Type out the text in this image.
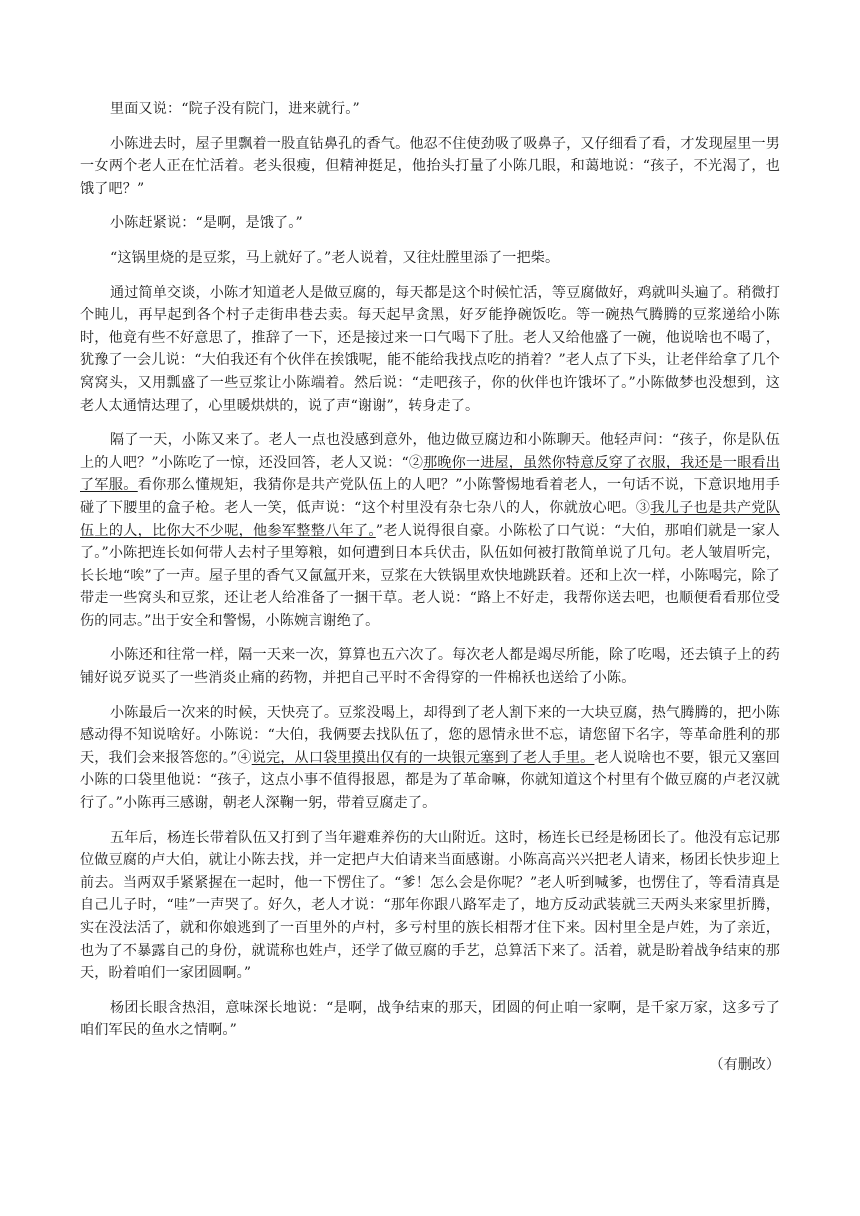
里面又说：“院子没有院门，进来就行。”

小陈进去时，屋子里飘着一股直钻鼻孔的香气。他忍不住使劲吸了吸鼻子，又仔细看了看，才发现屋里一男一女两个老人正在忙活着。老头很瘦，但精神挺足，他抬头打量了小陈几眼，和蔼地说：“孩子，不光渴了，也饿了吧？”

小陈赶紧说：“是啊，是饿了。”

“这锅里烧的是豆浆，马上就好了。”老人说着，又往灶膛里添了一把柴。

通过简单交谈，小陈才知道老人是做豆腐的，每天都是这个时候忙活，等豆腐做好，鸡就叫头遍了。稍微打个盹儿，再早起到各个村子走街串巷去卖。每天起早贪黑，好歹能挣碗饭吃。等一碗热气腾腾的豆浆递给小陈时，他竟有些不好意思了，推辞了一下，还是接过来一口气喝下了肚。老人又给他盛了一碗，他说啥也不喝了，犹豫了一会儿说：“大伯我还有个伙伴在挨饿呢，能不能给我找点吃的捎着？”老人点了下头，让老伴给拿了几个窝窝头，又用瓢盛了一些豆浆让小陈端着。然后说：“走吧孩子，你的伙伴也许饿坏了。”小陈做梦也没想到，这老人太通情达理了，心里暖烘烘的，说了声“谢谢”，转身走了。

隔了一天，小陈又来了。老人一点也没感到意外，他边做豆腐边和小陈聊天。他轻声问：“孩子，你是队伍上的人吧？”小陈吃了一惊，还没回答，老人又说：“②那晚你一进屋，虽然你特意反穿了衣服，我还是一眼看出了军服。看你那么懂规矩，我猜你是共产党队伍上的人吧？”小陈警惕地看着老人，一句话不说，下意识地用手碰了下腰里的盒子枪。老人一笑，低声说：“这个村里没有杂七杂八的人，你就放心吧。③我儿子也是共产党队伍上的人，比你大不少呢，他参军整整八年了。”老人说得很自豪。小陈松了口气说：“大伯，那咱们就是一家人了。”小陈把连长如何带人去村子里筹粮，如何遭到日本兵伏击，队伍如何被打散简单说了几句。老人皱眉听完，长长地“唉”了一声。屋子里的香气又氤氲开来，豆浆在大铁锅里欢快地跳跃着。还和上次一样，小陈喝完，除了带走一些窝头和豆浆，还让老人给准备了一捆干草。老人说：“路上不好走，我帮你送去吧，也顺便看看那位受伤的同志。”出于安全和警惕，小陈婉言谢绝了。

小陈还和往常一样，隔一天来一次，算算也五六次了。每次老人都是竭尽所能，除了吃喝，还去镇子上的药铺好说歹说买了一些消炎止痛的药物，并把自己平时不舍得穿的一件棉袄也送给了小陈。

小陈最后一次来的时候，天快亮了。豆浆没喝上，却得到了老人割下来的一大块豆腐，热气腾腾的，把小陈感动得不知说啥好。小陈说：“大伯，我俩要去找队伍了，您的恩情永世不忘，请您留下名字，等革命胜利的那天，我们会来报答您的。”④说完，从口袋里摸出仅有的一块银元塞到了老人手里。老人说啥也不要，银元又塞回小陈的口袋里他说：“孩子，这点小事不值得报恩，都是为了革命嘛，你就知道这个村里有个做豆腐的卢老汉就行了。”小陈再三感谢，朝老人深鞠一躬，带着豆腐走了。

五年后，杨连长带着队伍又打到了当年避难养伤的大山附近。这时，杨连长已经是杨团长了。他没有忘记那位做豆腐的卢大伯，就让小陈去找，并一定把卢大伯请来当面感谢。小陈高高兴兴把老人请来，杨团长快步迎上前去。当两双手紧紧握在一起时，他一下愣住了。“爹！怎么会是你呢？”老人听到喊爹，也愣住了，等看清真是自己儿子时，“哇”一声哭了。好久，老人才说：“那年你跟八路军走了，地方反动武装就三天两头来家里折腾，实在没法活了，就和你娘逃到了一百里外的卢村，多亏村里的族长相帮才住下来。因村里全是卢姓，为了亲近，也为了不暴露自己的身份，就谎称也姓卢，还学了做豆腐的手艺，总算活下来了。活着，就是盼着战争结束的那天，盼着咱们一家团圆啊。”

杨团长眼含热泪，意味深长地说：“是啊，战争结束的那天，团圆的何止咱一家啊，是千家万家，这多亏了咱们军民的鱼水之情啊。”

（有删改）
